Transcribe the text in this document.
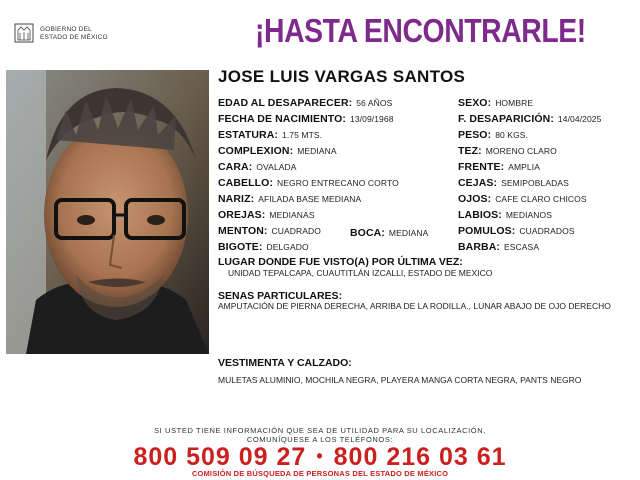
GOBIERNO DEL
ESTADO DE MÉXICO	¡HASTA ENCONTRARLE!
JOSE LUIS VARGAS SANTOS
EDAD AL DESAPARECER: 56 AÑOS
FECHA DE NACIMIENTO: 13/09/1968
ESTATURA: 1.75 MTS.
COMPLEXION: MEDIANA
CARA: OVALADA
CABELLO: NEGRO ENTRECANO CORTO
NARIZ: AFILADA BASE MEDIANA
OREJAS: MEDIANAS
MENTON: CUADRADO	BOCA: MEDIANA
BIGOTE: DELGADO
SEXO: HOMBRE
F. DESAPARICIÓN: 14/04/2025
PESO: 80 KGS.
TEZ: MORENO CLARO
FRENTE: AMPLIA
CEJAS: SEMIPOBLADAS
OJOS: CAFE CLARO CHICOS
LABIOS: MEDIANOS
POMULOS: CUADRADOS
BARBA: ESCASA
LUGAR DONDE FUE VISTO(A) POR ÚLTIMA VEZ:
UNIDAD TEPALCAPA, CUAUTITLÁN IZCALLI, ESTADO DE MEXICO
SENAS PARTICULARES:
AMPUTACIÓN DE PIERNA DERECHA, ARRIBA DE LA RODILLA., LUNAR ABAJO DE OJO DERECHO
VESTIMENTA Y CALZADO:
MULETAS ALUMINIO, MOCHILA NEGRA, PLAYERA MANGA CORTA NEGRA, PANTS NEGRO
SI USTED TIENE INFORMACIÓN QUE SEA DE UTILIDAD PARA SU LOCALIZACIÓN,
COMUNÍQUESE A LOS TELÉFONOS:
800 509 09 27 • 800 216 03 61
COMISIÓN DE BÚSQUEDA DE PERSONAS DEL ESTADO DE MÉXICO
